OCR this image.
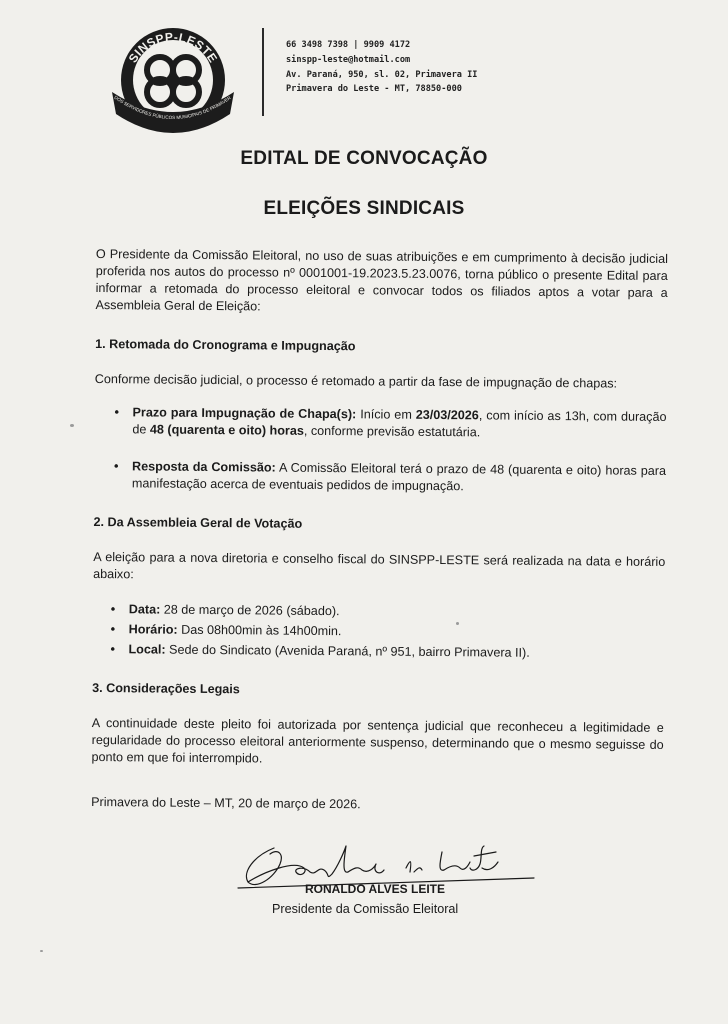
SINSPP-LESTE
DOS SERVIDORES PÚBLICOS MUNICIPAIS DE PRIMAVER
66 3498 7398 | 9909 4172
sinspp-leste@hotmail.com
Av. Paraná, 950, sl. 02, Primavera II
Primavera do Leste - MT, 78850-000
EDITAL DE CONVOCAÇÃO
ELEIÇÕES SINDICAIS

O Presidente da Comissão Eleitoral, no uso de suas atribuições e em cumprimento à decisão judicial proferida nos autos do processo nº 0001001-19.2023.5.23.0076, torna público o presente Edital para informar a retomada do processo eleitoral e convocar todos os filiados aptos a votar para a Assembleia Geral de Eleição:

1. Retomada do Cronograma e Impugnação

Conforme decisão judicial, o processo é retomado a partir da fase de impugnação de chapas:

• Prazo para Impugnação de Chapa(s): Início em 23/03/2026, com início as 13h, com duração de 48 (quarenta e oito) horas, conforme previsão estatutária.
• Resposta da Comissão: A Comissão Eleitoral terá o prazo de 48 (quarenta e oito) horas para manifestação acerca de eventuais pedidos de impugnação.

2. Da Assembleia Geral de Votação

A eleição para a nova diretoria e conselho fiscal do SINSPP-LESTE será realizada na data e horário abaixo:

• Data: 28 de março de 2026 (sábado).
• Horário: Das 08h00min às 14h00min.
• Local: Sede do Sindicato (Avenida Paraná, nº 951, bairro Primavera II).

3. Considerações Legais

A continuidade deste pleito foi autorizada por sentença judicial que reconheceu a legitimidade e regularidade do processo eleitoral anteriormente suspenso, determinando que o mesmo seguisse do ponto em que foi interrompido.

Primavera do Leste – MT, 20 de março de 2026.

Ronaldo A. Leite
RONALDO ALVES LEITE
Presidente da Comissão Eleitoral
